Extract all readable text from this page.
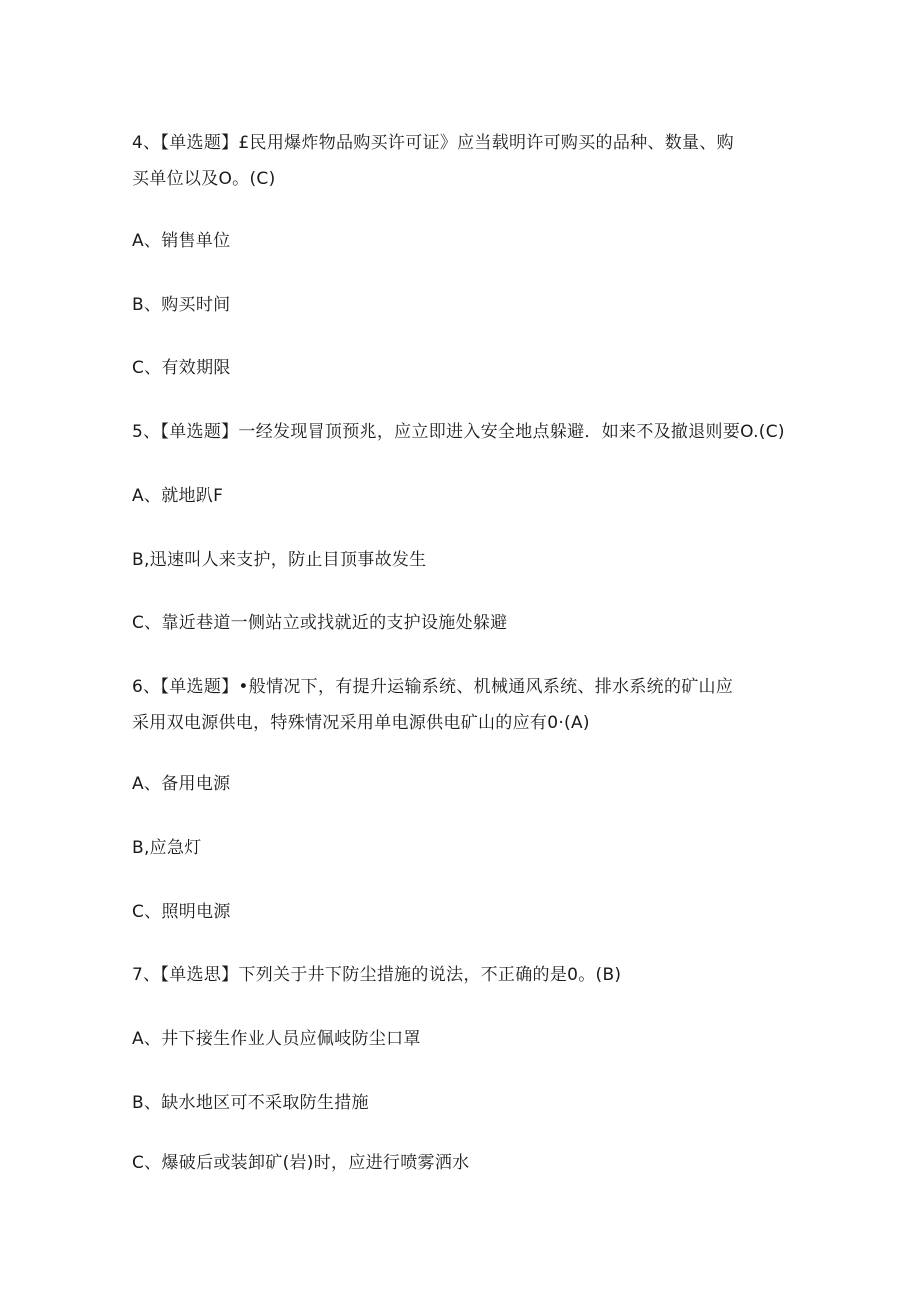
4、【单选题】£民用爆炸物品购买许可证》应当载明许可购买的品种、数量、购
买单位以及O。(C)
A、销售单位
B、购买时间
C、有效期限
5、【单选题】一经发现冒顶预兆，应立即进入安全地点躲避．如来不及撤退则要O.(C)
A、就地趴F
B,迅速叫人来支护，防止目顶事故发生
C、靠近巷道一侧站立或找就近的支护设施处躲避
6、【单选题】•般情况下，有提升运输系统、机械通风系统、排水系统的矿山应
采用双电源供电，特殊情况采用单电源供电矿山的应有0·(A)
A、备用电源
B,应急灯
C、照明电源
7、【单选思】下列关于井下防尘措施的说法，不正确的是0。(B)
A、井下接生作业人员应佩岐防尘口罩
B、缺水地区可不采取防生措施
C、爆破后或装卸矿(岩)时，应进行喷雾洒水
